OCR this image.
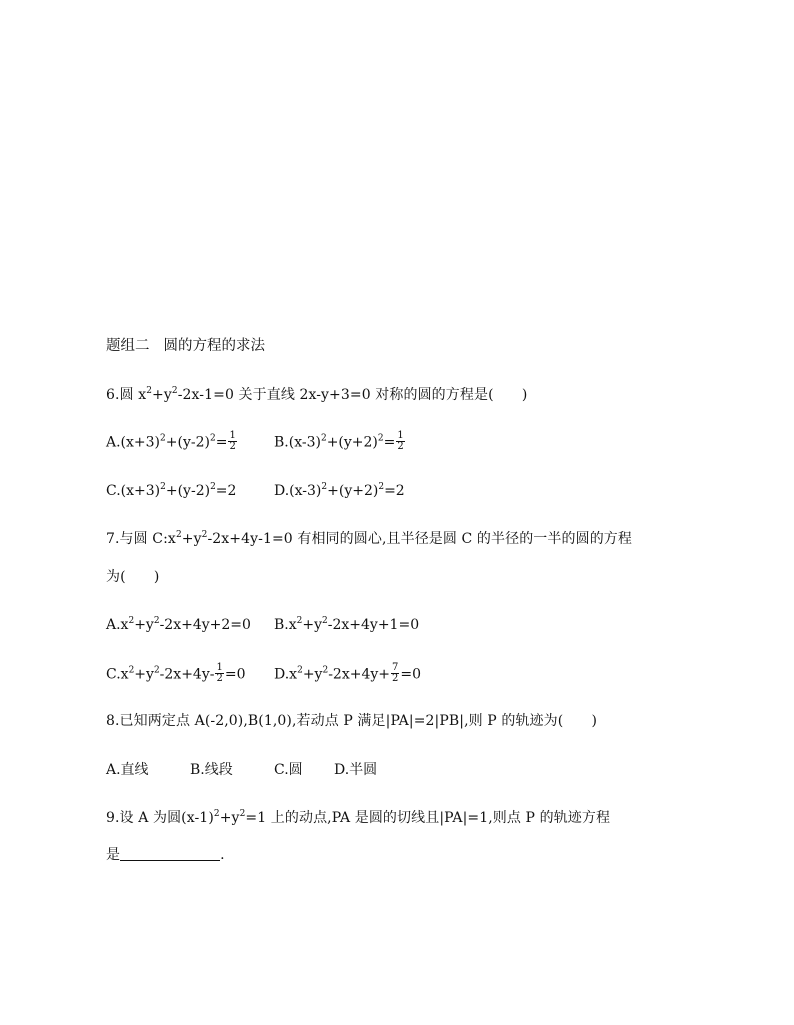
题组二 圆的方程的求法
6.圆 $x^2+y^2-2x-1=0$ 关于直线 2x-y+3=0 对称的圆的方程是(　　)
$A.(x+3)^2+(y-2)^2= \frac{1}{2}$	$B.(x-3)^2+(y+2)^2= \frac{1}{2}$
$C.(x+3)^2+(y-2)^2=2$	$D.(x-3)^2+(y+2)^2=2$
7.与圆 $C:x^2+y^2-2x+4y-1=0$ 有相同的圆心,且半径是圆 C 的半径的一半的圆的方程
为(　　)
$A.x^2+y^2-2x+4y+2=0$ $B.x^2+y^2-2x+4y+1=0$
$C.x^2+y^2-2x+4y- \frac{1}{2} =0$ $D.x^2+y^2-2x+4y+ \frac{7}{2} =0$
8.已知两定点 A(-2,0),B(1,0),若动点 P 满足|PA|=2|PB|,则 P 的轨迹为(　　)
A.直线	B.线段	C.圆 D.半圆
9.设 A 为圆$(x-1)^2+y^2=1$ 上的动点,PA 是圆的切线且|PA|=1,则点 P 的轨迹方程
是	.
